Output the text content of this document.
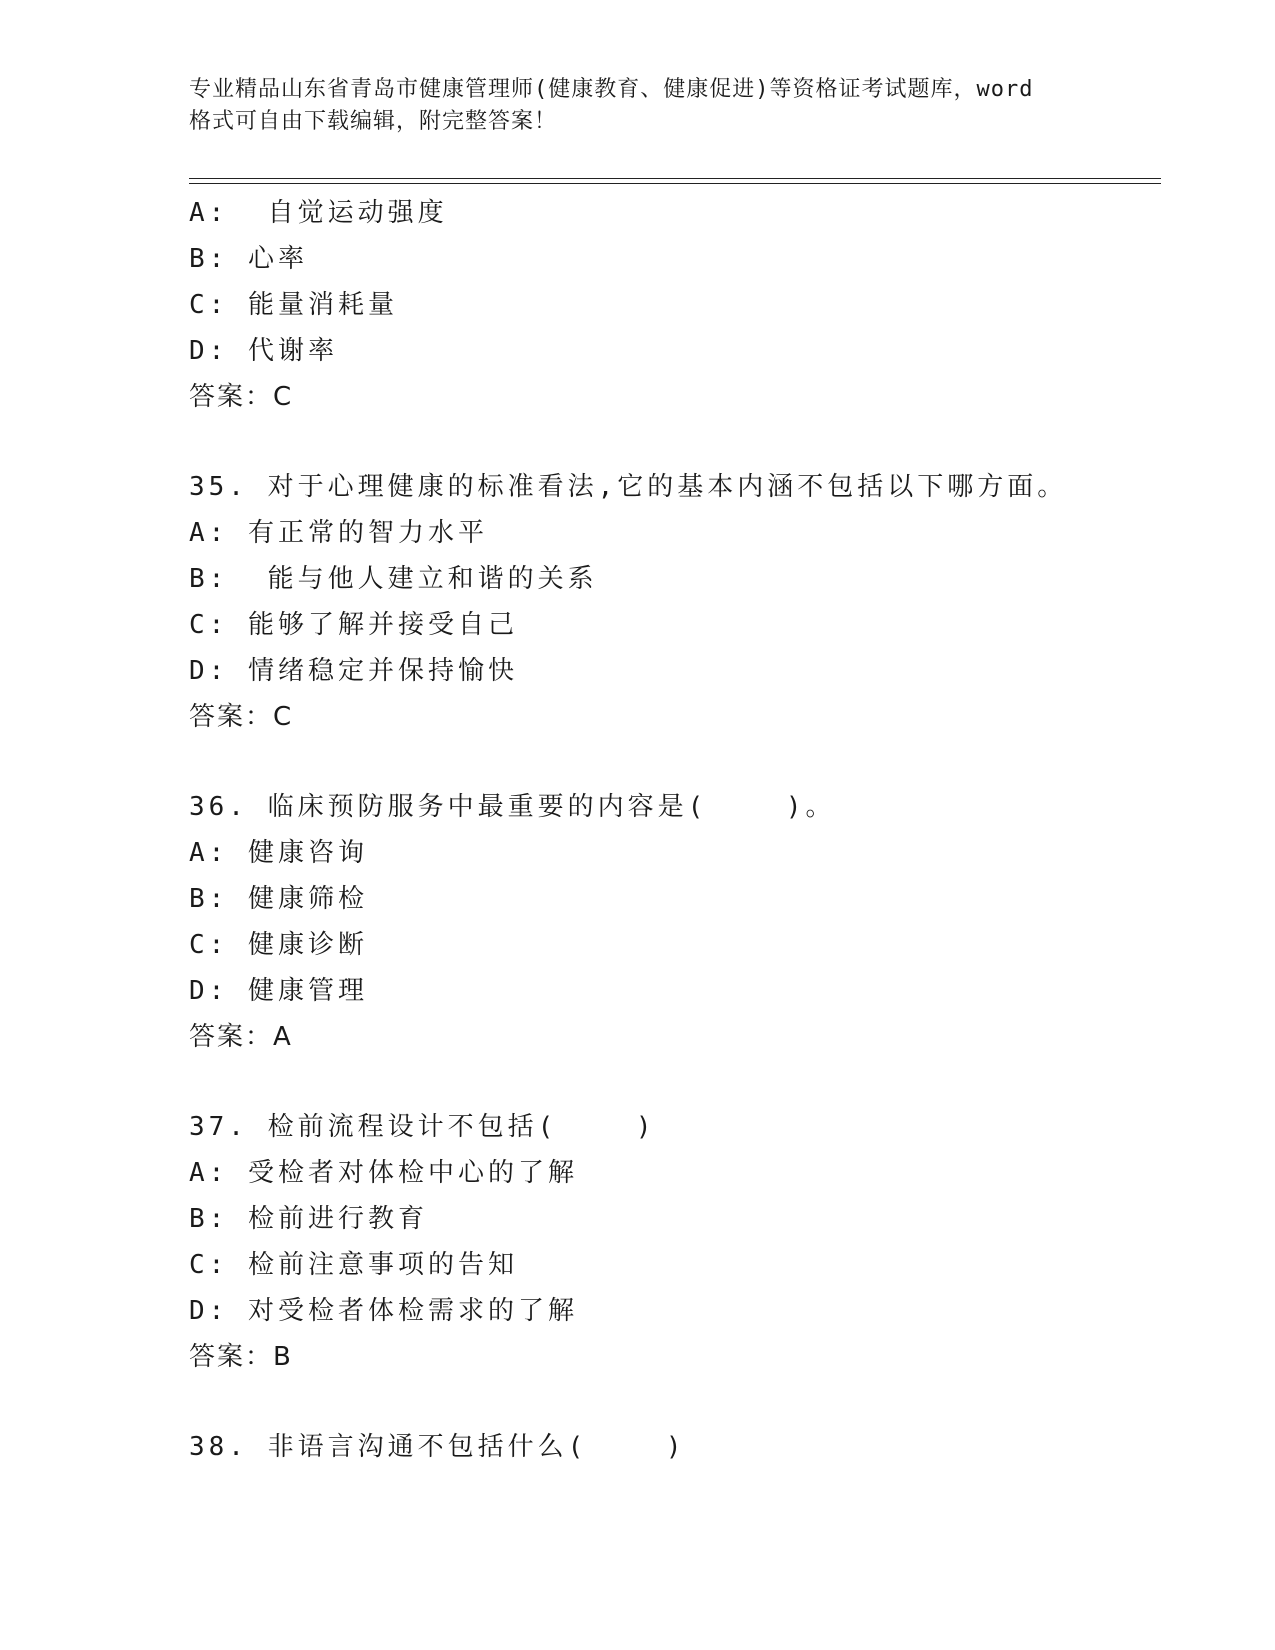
专业精品山东省青岛市健康管理师(健康教育、健康促进)等资格证考试题库，word
格式可自由下载编辑，附完整答案！
A:  自觉运动强度
B: 心率
C: 能量消耗量
D: 代谢率
答案：C
35. 对于心理健康的标准看法,它的基本内涵不包括以下哪方面。
A: 有正常的智力水平
B:  能与他人建立和谐的关系
C: 能够了解并接受自己
D: 情绪稳定并保持愉快
答案：C
36. 临床预防服务中最重要的内容是(    )。
A: 健康咨询
B: 健康筛检
C: 健康诊断
D: 健康管理
答案：A
37. 检前流程设计不包括(    )
A: 受检者对体检中心的了解
B: 检前进行教育
C: 检前注意事项的告知
D: 对受检者体检需求的了解
答案：B
38. 非语言沟通不包括什么(    )
